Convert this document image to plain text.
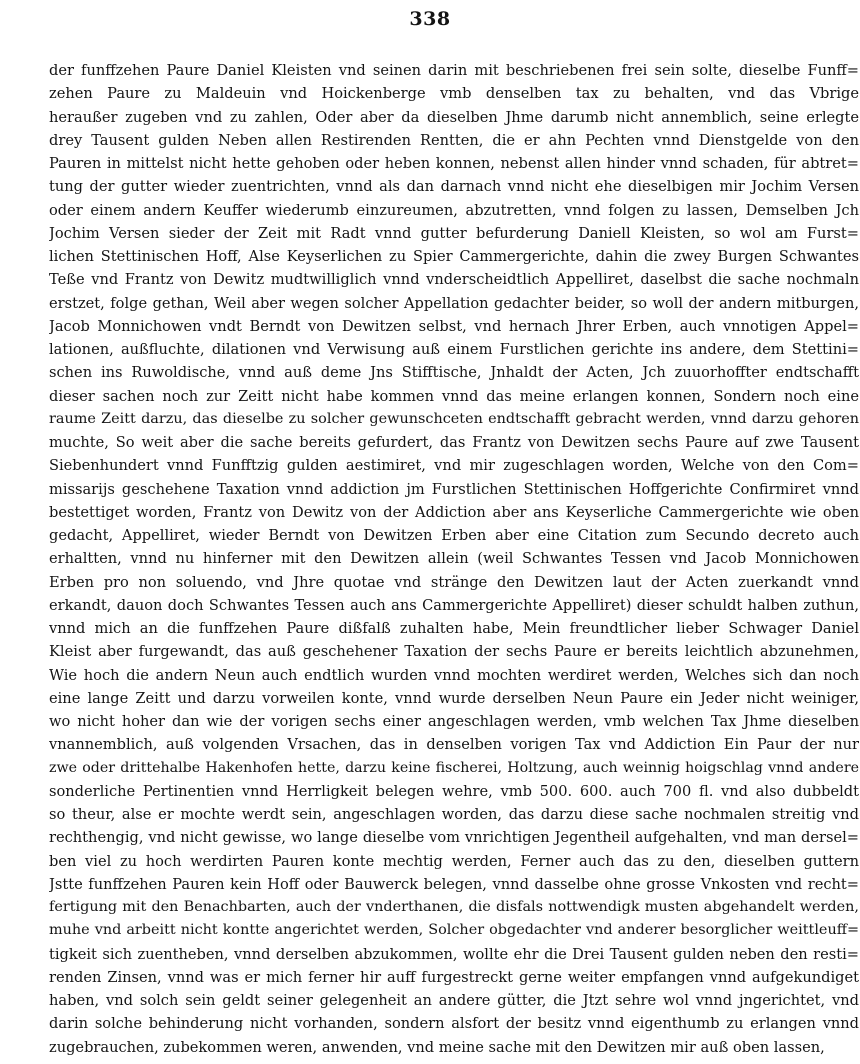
338
der funffzehen Paure Daniel Kleisten vnd seinen darin mit beschriebenen frei sein solte, dieselbe Funff=
zehen Paure zu Maldeuin vnd Hoickenberge vmb denselben tax zu behalten, vnd das Vbrige
heraußer zugeben vnd zu zahlen, Oder aber da dieselben Jhme darumb nicht annemblich, seine erlegte
drey Tausent gulden Neben allen Restirenden Rentten, die er ahn Pechten vnnd Dienstgelde von den
Pauren in mittelst nicht hette gehoben oder heben konnen, nebenst allen hinder vnnd schaden, für abtret=
tung der gutter wieder zuentrichten, vnnd als dan darnach vnnd nicht ehe dieselbigen mir Jochim Versen
oder einem andern Keuffer wiederumb einzureumen, abzutretten, vnnd folgen zu lassen, Demselben Jch
Jochim Versen sieder der Zeit mit Radt vnnd gutter befurderung Daniell Kleisten, so wol am Furst=
lichen Stettinischen Hoff, Alse Keyserlichen zu Spier Cammergerichte, dahin die zwey Burgen Schwantes
Teße vnd Frantz von Dewitz mudtwilliglich vnnd vnderscheidtlich Appelliret, daselbst die sache nochmaln
erstzet, folge gethan, Weil aber wegen solcher Appellation gedachter beider, so woll der andern mitburgen,
Jacob Monnichowen vndt Berndt von Dewitzen selbst, vnd hernach Jhrer Erben, auch vnnotigen Appel=
lationen, außfluchte, dilationen vnd Verwisung auß einem Furstlichen gerichte ins andere, dem Stettini=
schen ins Ruwoldische, vnnd auß deme Jns Stifftische, Jnhaldt der Acten, Jch zuuorhoffter endtschafft
dieser sachen noch zur Zeitt nicht habe kommen vnnd das meine erlangen konnen, Sondern noch eine
raume Zeitt darzu, das dieselbe zu solcher gewunschceten endtschafft gebracht werden, vnnd darzu gehoren
muchte, So weit aber die sache bereits gefurdert, das Frantz von Dewitzen sechs Paure auf zwe Tausent
Siebenhundert vnnd Funfftzig gulden aestimiret, vnd mir zugeschlagen worden, Welche von den Com=
missarijs geschehene Taxation vnnd addiction jm Furstlichen Stettinischen Hoffgerichte Confirmiret vnnd
bestettiget worden, Frantz von Dewitz von der Addiction aber ans Keyserliche Cammergerichte wie oben
gedacht, Appelliret, wieder Berndt von Dewitzen Erben aber eine Citation zum Secundo decreto auch
erhaltten, vnnd nu hinferner mit den Dewitzen allein (weil Schwantes Tessen vnd Jacob Monnichowen
Erben pro non soluendo, vnd Jhre quotae vnd stränge den Dewitzen laut der Acten zuerkandt vnnd
erkandt, dauon doch Schwantes Tessen auch ans Cammergerichte Appelliret) dieser schuldt halben zuthun,
vnnd mich an die funffzehen Paure dißfalß zuhalten habe, Mein freundtlicher lieber Schwager Daniel
Kleist aber furgewandt, das auß geschehener Taxation der sechs Paure er bereits leichtlich abzunehmen,
Wie hoch die andern Neun auch endtlich wurden vnnd mochten werdiret werden, Welches sich dan noch
eine lange Zeitt und darzu vorweilen konte, vnnd wurde derselben Neun Paure ein Jeder nicht weiniger,
wo nicht hoher dan wie der vorigen sechs einer angeschlagen werden, vmb welchen Tax Jhme dieselben
vnannemblich, auß volgenden Vrsachen, das in denselben vorigen Tax vnd Addiction Ein Paur der nur
zwe oder drittehalbe Hakenhofen hette, darzu keine fischerei, Holtzung, auch weinnig hoigschlag vnnd andere
sonderliche Pertinentien vnnd Herrligkeit belegen wehre, vmb 500. 600. auch 700 fl. vnd also dubbeldt
so theur, alse er mochte werdt sein, angeschlagen worden, das darzu diese sache nochmalen streitig vnd
rechthengig, vnd nicht gewisse, wo lange dieselbe vom vnrichtigen Jegentheil aufgehalten, vnd man dersel=
ben viel zu hoch werdirten Pauren konte mechtig werden, Ferner auch das zu den, dieselben guttern
Jstte funffzehen Pauren kein Hoff oder Bauwerck belegen, vnnd dasselbe ohne grosse Vnkosten vnd recht=
fertigung mit den Benachbarten, auch der vnderthanen, die disfals nottwendigk musten abgehandelt werden,
muhe vnd arbeitt nicht kontte angerichtet werden, Solcher obgedachter vnd anderer besorglicher weittleuff=
tigkeit sich zuentheben, vnnd derselben abzukommen, wollte ehr die Drei Tausent gulden neben den resti=
renden Zinsen, vnnd was er mich ferner hir auff furgestreckt gerne weiter empfangen vnnd aufgekundiget
haben, vnd solch sein geldt seiner gelegenheit an andere gütter, die Jtzt sehre wol vnnd jngerichtet, vnd
darin solche behinderung nicht vorhanden, sondern alsfort der besitz vnnd eigenthumb zu erlangen vnnd
zugebrauchen, zubekommen weren, anwenden, vnd meine sache mit den Dewitzen mir auß oben lassen,
